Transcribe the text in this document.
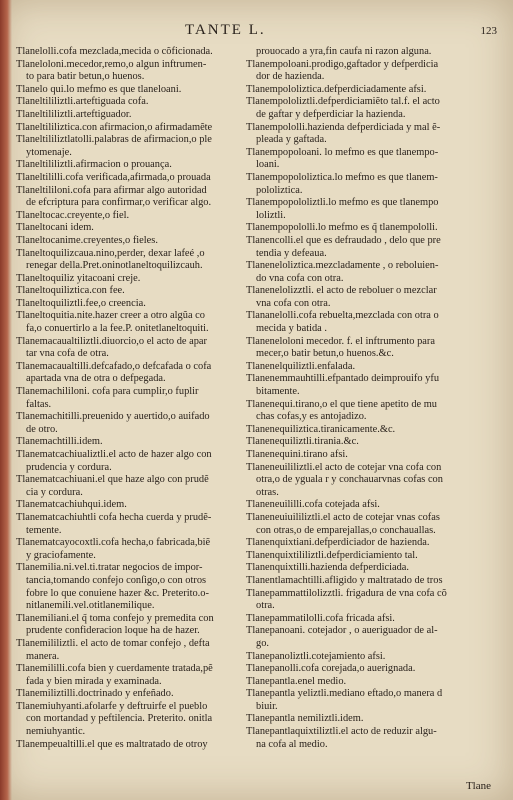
TANTE L.	123
Tlanelolli.cofa mezclada,mecida o cõficionada.
Tlaneloloni.mecedor,remo,o algun inftrumen-
to para batir betun,o huenos.
Tlanelo qui.lo mefmo es que tlaneloani.
Tlaneltililiztli.arteftiguada cofa.
Tlaneltililiztli.arteftiguador.
Tlaneltililiztica.con afirmacion,o afirmadamẽte
Tlaneltililiztlatolli.palabras de afirmacion,o ple
ytomenaje.
Tlaneltililiztli.afirmacion o prouança.
Tlaneltililli.cofa verificada,afirmada,o prouada
Tlaneltililoni.cofa para afirmar algo autoridad
de efcriptura para confirmar,o verificar algo.
Tlaneltocac.creyente,o fiel.
Tlaneltocani idem.
Tlaneltocanime.creyentes,o fieles.
Tlaneltoquilizcaua.nino,perder, dexar lafeé ,o
renegar della.Pret.oninotlaneltoquilizcauh.
Tlaneltoquiliz yitacoani creje.
Tlaneltoquiliztica.con fee.
Tlaneltoquiliztli.fee,o creencia.
Tlaneltoquitia.nite.hazer creer a otro algũa co
fa,o conuertirlo a la fee.P. onitetlaneltoquiti.
Tlanemacaualtiliztli.diuorcio,o el acto de apar
tar vna cofa de otra.
Tlanemacaualtilli.defcafado,o defcafada o cofa
apartada vna de otra o defpegada.
Tlanemachililoni. cofa para cumplir,o fuplir
faltas.
Tlanemachitilli.preuenido y auertido,o auifado
de otro.
Tlanemachtilli.idem.
Tlanematcachiualiztli.el acto de hazer algo con
prudencia y cordura.
Tlanematcachiuani.el que haze algo con prudẽ
cia y cordura.
Tlanematcachiuhqui.idem.
Tlanematcachiuhtli cofa hecha cuerda y prudẽ-
temente.
Tlanematcayocoxtli.cofa hecha,o fabricada,biẽ
y graciofamente.
Tlanemilia.ni.vel.ti.tratar negocios de impor-
tancia,tomando confejo conſigo,o con otros
fobre lo que conuiene hazer &c. Preterito.o-
nitlanemili.vel.otitlanemilique.
Tlanemiliani.el q̃ toma confejo y premedita con
prudente confideracion loque ha de hazer.
Tlanemililiztli. el acto de tomar confejo , defta
manera.
Tlanemililli.cofa bien y cuerdamente tratada,pẽ
fada y bien mirada y examinada.
Tlanemiliztilli.doctrinado y enfeñado.
Tlanemiuhyanti.afolarfe y deftruirfe el pueblo
con mortandad y peftilencia. Preterito. onitla
nemiuhyantic.
Tlanempeualtilli.el que es maltratado de otroy
prouocado a yra,fin caufa ni razon alguna.
Tlanempoloani.prodigo,gaftador y defperdicia
dor de hazienda.
Tlanempololiztica.defperdiciadamente afsi.
Tlanempololiztli.defperdiciamiẽto tal.f. el acto
de gaftar y defperdiciar la hazienda.
Tlanempololli.hazienda defperdiciada y mal ẽ-
pleada y gaftada.
Tlanempopoloani. lo mefmo es que tlanempo-
loani.
Tlanempopololiztica.lo mefmo es que tlanem-
pololiztica.
Tlanempopololiztli.lo mefmo es que tlanempo
loliztli.
Tlanempopololli.lo mefmo es q̃ tlanempololli.
Tlanencolli.el que es defraudado , delo que pre
tendia y defeaua.
Tlaneneloliztica.mezcladamente , o reboluien-
do vna cofa con otra.
Tlanenelolizztli. el acto de reboluer o mezclar
vna cofa con otra.
Tlananelolli.cofa rebuelta,mezclada con otra o
mecida y batida .
Tlaneneloloni mecedor. f. el inftrumento para
mecer,o batir betun,o huenos.&c.
Tlanenelquiliztli.enfalada.
Tlanenemmauhtilli.efpantado deimprouifo yfu
bitamente.
Tlanenequi.tirano,o el que tiene apetito de mu
chas cofas,y es antojadizo.
Tlanenequiliztica.tiranicamente.&c.
Tlanenequiliztli.tirania.&c.
Tlanenequini.tirano afsi.
Tlaneneuililiztli.el acto de cotejar vna cofa con
otra,o de yguala r y conchauarvnas cofas con
otras.
Tlaneneuililli.cofa cotejada afsi.
Tlaneneuiuililiztli.el acto de cotejar vnas cofas
con otras,o de emparejallas,o conchauallas.
Tlanenquixtiani.defperdiciador de hazienda.
Tlanenquixtililiztli.defperdiciamiento tal.
Tlanenquixtilli.hazienda defperdiciada.
Tlanentlamachtilli.afligido y maltratado de tros
Tlanepammattilolizztli. frigadura de vna cofa cõ
otra.
Tlanepammatilolli.cofa fricada afsi.
Tlanepanoani. cotejador , o aueriguador de al-
go.
Tlanepanoliztli.cotejamiento afsi.
Tlanepanolli.cofa corejada,o auerignada.
Tlanepantla.enel medio.
Tlanepantla yeliztli.mediano eftado,o manera d
biuir.
Tlanepantla nemiliztli.idem.
Tlanepantlaquixtiliztli.el acto de reduzir algu-
na cofa al medio.
Tlane
